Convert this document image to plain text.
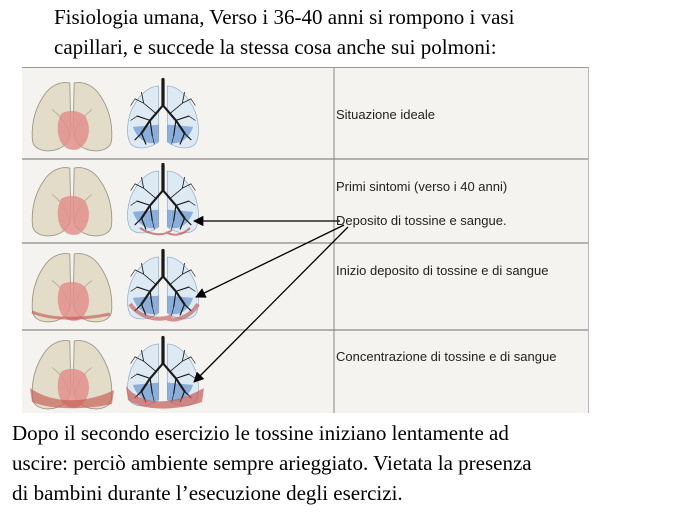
Fisiologia umana, Verso i 36-40 anni si rompono i vasi
capillari, e succede la stessa cosa anche sui polmoni:

Situazione ideale
Primi sintomi (verso i 40 anni)
Deposito di tossine e sangue.
Inizio deposito di tossine e di sangue
Concentrazione di tossine e di sangue

Dopo il secondo esercizio le tossine iniziano lentamente ad
uscire: perciò ambiente sempre arieggiato. Vietata la presenza
di bambini durante l’esecuzione degli esercizi.
